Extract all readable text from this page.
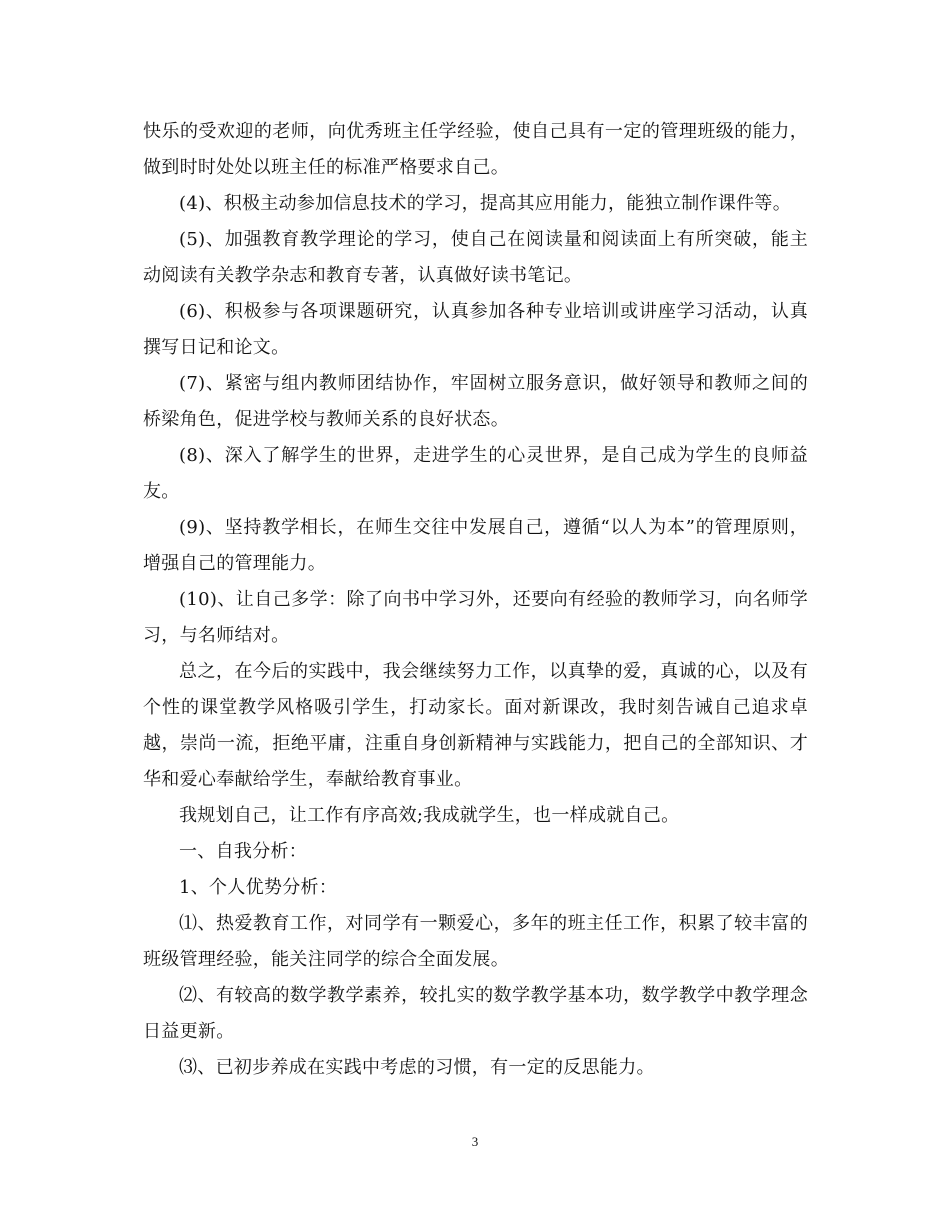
快乐的受欢迎的老师，向优秀班主任学经验，使自己具有一定的管理班级的能力，做到时时处处以班主任的标准严格要求自己。

(4)、积极主动参加信息技术的学习，提高其应用能力，能独立制作课件等。

(5)、加强教育教学理论的学习，使自己在阅读量和阅读面上有所突破，能主动阅读有关教学杂志和教育专著，认真做好读书笔记。

(6)、积极参与各项课题研究，认真参加各种专业培训或讲座学习活动，认真撰写日记和论文。

(7)、紧密与组内教师团结协作，牢固树立服务意识，做好领导和教师之间的桥梁角色，促进学校与教师关系的良好状态。

(8)、深入了解学生的世界，走进学生的心灵世界，是自己成为学生的良师益友。

(9)、坚持教学相长，在师生交往中发展自己，遵循“以人为本”的管理原则，增强自己的管理能力。

(10)、让自己多学：除了向书中学习外，还要向有经验的教师学习，向名师学习，与名师结对。

总之，在今后的实践中，我会继续努力工作，以真挚的爱，真诚的心，以及有个性的课堂教学风格吸引学生，打动家长。面对新课改，我时刻告诫自己追求卓越，崇尚一流，拒绝平庸，注重自身创新精神与实践能力，把自己的全部知识、才华和爱心奉献给学生，奉献给教育事业。

我规划自己，让工作有序高效;我成就学生，也一样成就自己。

一、自我分析：

1、个人优势分析：

⑴、热爱教育工作，对同学有一颗爱心，多年的班主任工作，积累了较丰富的班级管理经验，能关注同学的综合全面发展。

⑵、有较高的数学教学素养，较扎实的数学教学基本功，数学教学中教学理念日益更新。

⑶、已初步养成在实践中考虑的习惯，有一定的反思能力。

3
